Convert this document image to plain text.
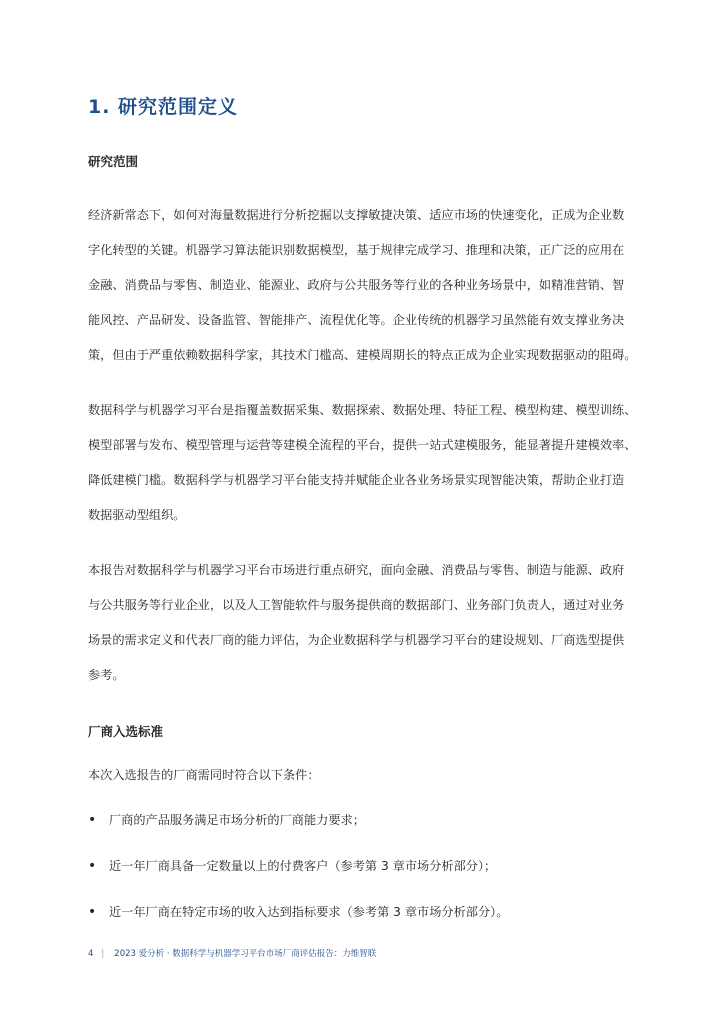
1. 研究范围定义
研究范围
经济新常态下，如何对海量数据进行分析挖掘以支撑敏捷决策、适应市场的快速变化，正成为企业数
字化转型的关键。机器学习算法能识别数据模型，基于规律完成学习、推理和决策，正广泛的应用在
金融、消费品与零售、制造业、能源业、政府与公共服务等行业的各种业务场景中，如精准营销、智
能风控、产品研发、设备监管、智能排产、流程优化等。企业传统的机器学习虽然能有效支撑业务决
策，但由于严重依赖数据科学家，其技术门槛高、建模周期长的特点正成为企业实现数据驱动的阻碍。
数据科学与机器学习平台是指覆盖数据采集、数据探索、数据处理、特征工程、模型构建、模型训练、
模型部署与发布、模型管理与运营等建模全流程的平台，提供一站式建模服务，能显著提升建模效率、
降低建模门槛。数据科学与机器学习平台能支持并赋能企业各业务场景实现智能决策，帮助企业打造
数据驱动型组织。
本报告对数据科学与机器学习平台市场进行重点研究，面向金融、消费品与零售、制造与能源、政府
与公共服务等行业企业，以及人工智能软件与服务提供商的数据部门、业务部门负责人，通过对业务
场景的需求定义和代表厂商的能力评估，为企业数据科学与机器学习平台的建设规划、厂商选型提供
参考。
厂商入选标准
本次入选报告的厂商需同时符合以下条件：
• 厂商的产品服务满足市场分析的厂商能力要求；
• 近一年厂商具备一定数量以上的付费客户（参考第 3 章市场分析部分）；
• 近一年厂商在特定市场的收入达到指标要求（参考第 3 章市场分析部分）。
4 | 2023 爱分析 · 数据科学与机器学习平台市场厂商评估报告：力维智联
